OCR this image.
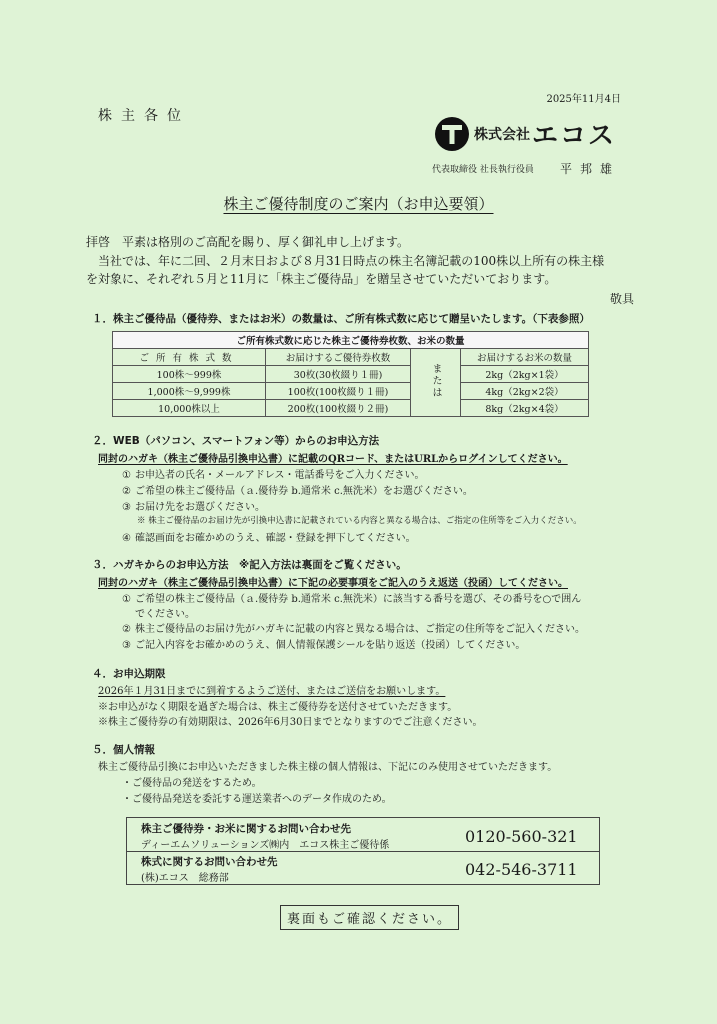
2025年11月4日
株主各位
株式会社 エコス
代表取締役 社長執行役員 平邦雄
株主ご優待制度のご案内（お申込要領）
拝啓　平素は格別のご高配を賜り、厚く御礼申し上げます。
当社では、年に二回、２月末日および８月31日時点の株主名簿記載の100株以上所有の株主様
を対象に、それぞれ５月と11月に「株主ご優待品」を贈呈させていただいております。
敬具
１．株主ご優待品（優待券、またはお米）の数量は、ご所有株式数に応じて贈呈いたします。（下表参照）
ご所有株式数に応じた株主ご優待券枚数、お米の数量			
ご所有株式数	お届けするご優待券枚数	または	お届けするお米の数量
100株～999株	30枚(30枚綴り１冊)		2kg（2kg×1袋）
1,000株～9,999株	100枚(100枚綴り１冊)		4kg（2kg×2袋）
10,000株以上	200枚(100枚綴り２冊)		8kg（2kg×4袋）
２．WEB（パソコン、スマートフォン等）からのお申込方法
同封のハガキ（株主ご優待品引換申込書）に記載のQRコード、またはURLからログインしてください。
① お申込者の氏名・メールアドレス・電話番号をご入力ください。
② ご希望の株主ご優待品（ａ.優待券 b.通常米 c.無洗米）をお選びください。
③ お届け先をお選びください。
※ 株主ご優待品のお届け先が引換申込書に記載されている内容と異なる場合は、ご指定の住所等をご入力ください。
④ 確認画面をお確かめのうえ、確認・登録を押下してください。
３．ハガキからのお申込方法　※記入方法は裏面をご覧ください。
同封のハガキ（株主ご優待品引換申込書）に下記の必要事項をご記入のうえ返送（投函）してください。
① ご希望の株主ご優待品（ａ.優待券 b.通常米 c.無洗米）に該当する番号を選び、その番号を○で囲ん
でください。
② 株主ご優待品のお届け先がハガキに記載の内容と異なる場合は、ご指定の住所等をご記入ください。
③ ご記入内容をお確かめのうえ、個人情報保護シールを貼り返送（投函）してください。
４．お申込期限
2026年１月31日までに到着するようご送付、またはご送信をお願いします。
※お申込がなく期限を過ぎた場合は、株主ご優待券を送付させていただきます。
※株主ご優待券の有効期限は、2026年6月30日までとなりますのでご注意ください。
５．個人情報
株主ご優待品引換にお申込いただきました株主様の個人情報は、下記にのみ使用させていただきます。
・ご優待品の発送をするため。
・ご優待品発送を委託する運送業者へのデータ作成のため。
株主ご優待券・お米に関するお問い合わせ先
ディーエムソリューションズ㈱内　エコス株主ご優待係	0120-560-321
株式に関するお問い合わせ先
(株)エコス　総務部	042-546-3711
裏面もご確認ください。
